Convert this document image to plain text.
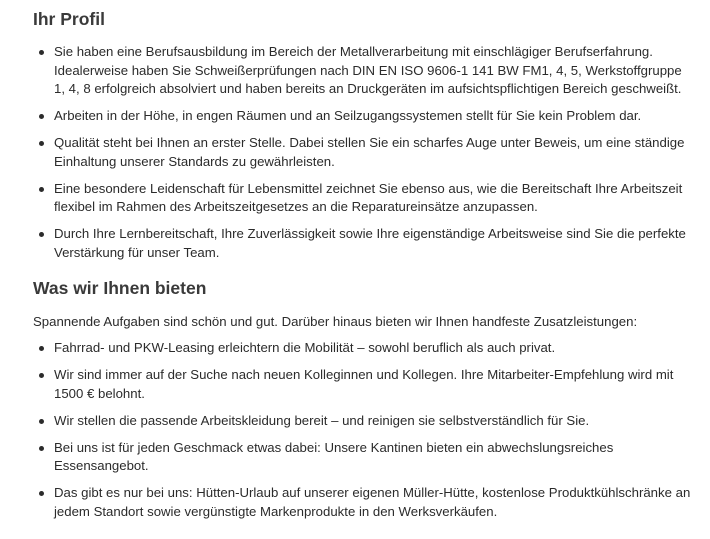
Ihr Profil
Sie haben eine Berufsausbildung im Bereich der Metallverarbeitung mit einschlägiger Berufserfahrung. Idealerweise haben Sie Schweißerprüfungen nach DIN EN ISO 9606-1 141 BW FM1, 4, 5, Werkstoffgruppe 1, 4, 8 erfolgreich absolviert und haben bereits an Druckgeräten im aufsichtspflichtigen Bereich geschweißt.
Arbeiten in der Höhe, in engen Räumen und an Seilzugangssystemen stellt für Sie kein Problem dar.
Qualität steht bei Ihnen an erster Stelle. Dabei stellen Sie ein scharfes Auge unter Beweis, um eine ständige Einhaltung unserer Standards zu gewährleisten.
Eine besondere Leidenschaft für Lebensmittel zeichnet Sie ebenso aus, wie die Bereitschaft Ihre Arbeitszeit flexibel im Rahmen des Arbeitszeitgesetzes an die Reparatureinsätze anzupassen.
Durch Ihre Lernbereitschaft, Ihre Zuverlässigkeit sowie Ihre eigenständige Arbeitsweise sind Sie die perfekte Verstärkung für unser Team.
Was wir Ihnen bieten

Spannende Aufgaben sind schön und gut. Darüber hinaus bieten wir Ihnen handfeste Zusatzleistungen:

Fahrrad- und PKW-Leasing erleichtern die Mobilität – sowohl beruflich als auch privat.
Wir sind immer auf der Suche nach neuen Kolleginnen und Kollegen. Ihre Mitarbeiter-Empfehlung wird mit 1500 € belohnt.
Wir stellen die passende Arbeitskleidung bereit – und reinigen sie selbstverständlich für Sie.
Bei uns ist für jeden Geschmack etwas dabei: Unsere Kantinen bieten ein abwechslungsreiches Essensangebot.
Das gibt es nur bei uns: Hütten-Urlaub auf unserer eigenen Müller-Hütte, kostenlose Produktkühlschränke an jedem Standort sowie vergünstigte Markenprodukte in den Werksverkäufen.
